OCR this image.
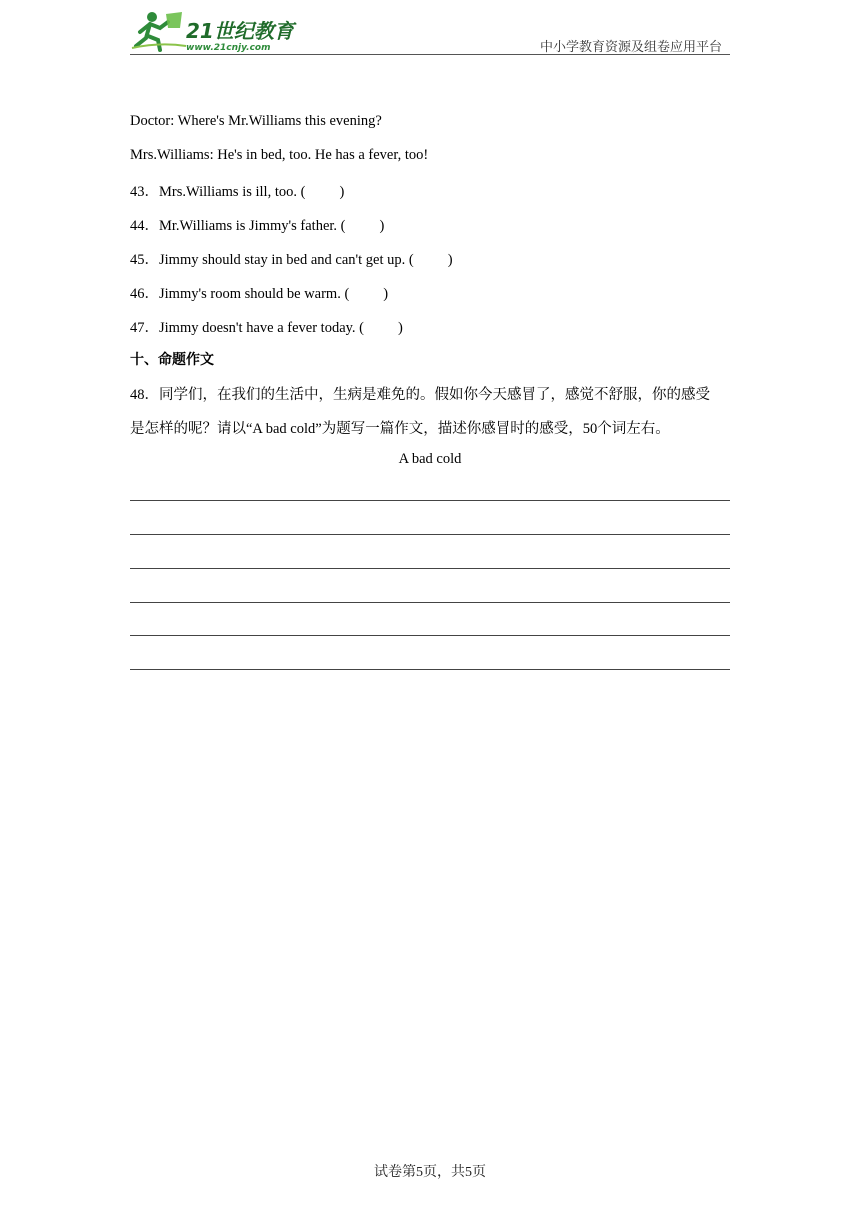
21世纪教育
www.21cnjy.com	中小学教育资源及组卷应用平台
Doctor: Where's Mr.Williams this evening?
Mrs.Williams: He's in bed, too. He has a fever, too!
43．Mrs.Williams is ill, too. ( )
44．Mr.Williams is Jimmy's father. ( )
45．Jimmy should stay in bed and can't get up. ( )
46．Jimmy's room should be warm. ( )
47．Jimmy doesn't have a fever today. ( )
十、命题作文
48．同学们，在我们的生活中，生病是难免的。假如你今天感冒了，感觉不舒服，你的感受
是怎样的呢？请以“A bad cold”为题写一篇作文，描述你感冒时的感受，50个词左右。
A bad cold
试卷第5页，共5页
